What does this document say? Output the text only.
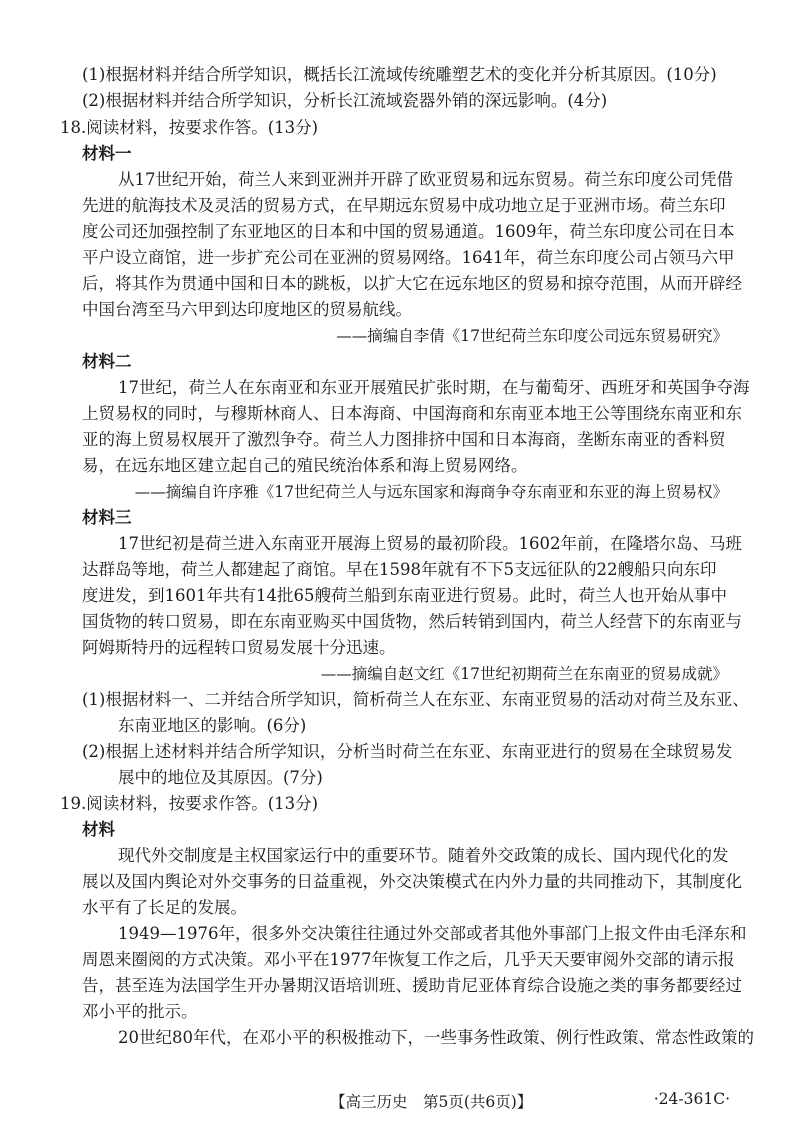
(1)根据材料并结合所学知识，概括长江流域传统雕塑艺术的变化并分析其原因。(10分)
(2)根据材料并结合所学知识，分析长江流域瓷器外销的深远影响。(4分)
18.阅读材料，按要求作答。(13分)
材料一
从17世纪开始，荷兰人来到亚洲并开辟了欧亚贸易和远东贸易。荷兰东印度公司凭借
先进的航海技术及灵活的贸易方式，在早期远东贸易中成功地立足于亚洲市场。荷兰东印
度公司还加强控制了东亚地区的日本和中国的贸易通道。1609年，荷兰东印度公司在日本
平户设立商馆，进一步扩充公司在亚洲的贸易网络。1641年，荷兰东印度公司占领马六甲
后，将其作为贯通中国和日本的跳板，以扩大它在远东地区的贸易和掠夺范围，从而开辟经
中国台湾至马六甲到达印度地区的贸易航线。
——摘编自李倩《17世纪荷兰东印度公司远东贸易研究》
材料二
17世纪，荷兰人在东南亚和东亚开展殖民扩张时期，在与葡萄牙、西班牙和英国争夺海
上贸易权的同时，与穆斯林商人、日本海商、中国海商和东南亚本地王公等围绕东南亚和东
亚的海上贸易权展开了激烈争夺。荷兰人力图排挤中国和日本海商，垄断东南亚的香料贸
易，在远东地区建立起自己的殖民统治体系和海上贸易网络。
——摘编自许序雅《17世纪荷兰人与远东国家和海商争夺东南亚和东亚的海上贸易权》
材料三
17世纪初是荷兰进入东南亚开展海上贸易的最初阶段。1602年前，在隆塔尔岛、马班
达群岛等地，荷兰人都建起了商馆。早在1598年就有不下5支远征队的22艘船只向东印
度进发，到1601年共有14批65艘荷兰船到东南亚进行贸易。此时，荷兰人也开始从事中
国货物的转口贸易，即在东南亚购买中国货物，然后转销到国内，荷兰人经营下的东南亚与
阿姆斯特丹的远程转口贸易发展十分迅速。
——摘编自赵文红《17世纪初期荷兰在东南亚的贸易成就》
(1)根据材料一、二并结合所学知识，简析荷兰人在东亚、东南亚贸易的活动对荷兰及东亚、
东南亚地区的影响。(6分)
(2)根据上述材料并结合所学知识，分析当时荷兰在东亚、东南亚进行的贸易在全球贸易发
展中的地位及其原因。(7分)
19.阅读材料，按要求作答。(13分)
材料
现代外交制度是主权国家运行中的重要环节。随着外交政策的成长、国内现代化的发
展以及国内舆论对外交事务的日益重视，外交决策模式在内外力量的共同推动下，其制度化
水平有了长足的发展。
1949—1976年，很多外交决策往往通过外交部或者其他外事部门上报文件由毛泽东和
周恩来圈阅的方式决策。邓小平在1977年恢复工作之后，几乎天天要审阅外交部的请示报
告，甚至连为法国学生开办暑期汉语培训班、援助肯尼亚体育综合设施之类的事务都要经过
邓小平的批示。
20世纪80年代，在邓小平的积极推动下，一些事务性政策、例行性政策、常态性政策的
【高三历史　第5页(共6页)】	·24-361C·
